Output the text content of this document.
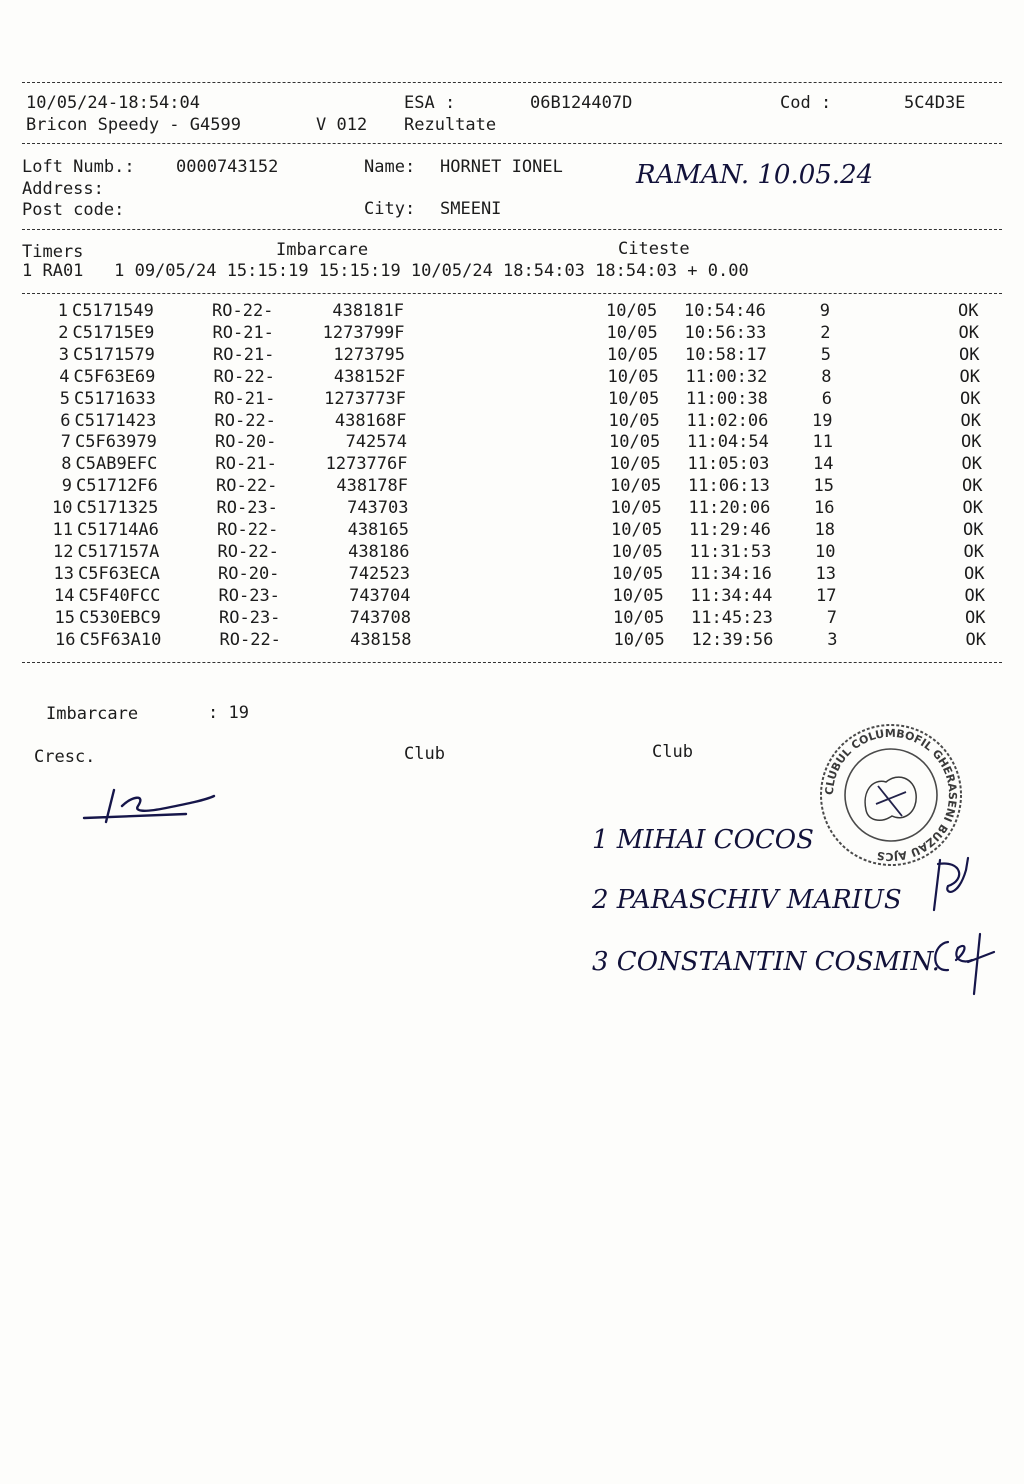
10/05/24-18:54:04	ESA :	06B124407D	Cod :	5C4D3E
Bricon Speedy - G4599	V 012 Rezultate
Loft Numb.: 0000743152	Name: HORNET IONEL	RAMAN. 10.05.24
Address:
Post code:	City: SMEENI
Timers	Imbarcare	Citeste
1 RA01   1 09/05/24 15:15:19 15:15:19 10/05/24 18:54:03 18:54:03 + 0.00
1 C5171549	RO-22-	438181F	10/05 10:54:46	9	OK
2 C51715E9	RO-21-	1273799F	10/05 10:56:33	2	OK
3 C5171579	RO-21-	1273795	10/05 10:58:17	5	OK
4 C5F63E69	RO-22-	438152F	10/05 11:00:32	8	OK
5 C5171633	RO-21-	1273773F	10/05 11:00:38	6	OK
6 C5171423	RO-22-	438168F	10/05 11:02:06	19	OK
7 C5F63979	RO-20-	742574	10/05 11:04:54	11	OK
8 C5AB9EFC	RO-21-	1273776F	10/05 11:05:03	14	OK
9 C51712F6	RO-22-	438178F	10/05 11:06:13	15	OK
10 C5171325	RO-23-	743703	10/05 11:20:06	16	OK
11 C51714A6	RO-22-	438165	10/05 11:29:46	18	OK
12 C517157A	RO-22-	438186	10/05 11:31:53	10	OK
13 C5F63ECA	RO-20-	742523	10/05 11:34:16	13	OK
14 C5F40FCC	RO-23-	743704	10/05 11:34:44	17	OK
15 C530EBC9	RO-23-	743708	10/05 11:45:23	7	OK
16 C5F63A10	RO-22-	438158	10/05 12:39:56	3	OK
Imbarcare	: 19
Cresc.	Club	Club
CLUBUL COLUMBOFIL GHERASENI BUZAU AJCS
1 MIHAI COCOS
2 PARASCHIV MARIUS
3 CONSTANTIN COSMIN.
